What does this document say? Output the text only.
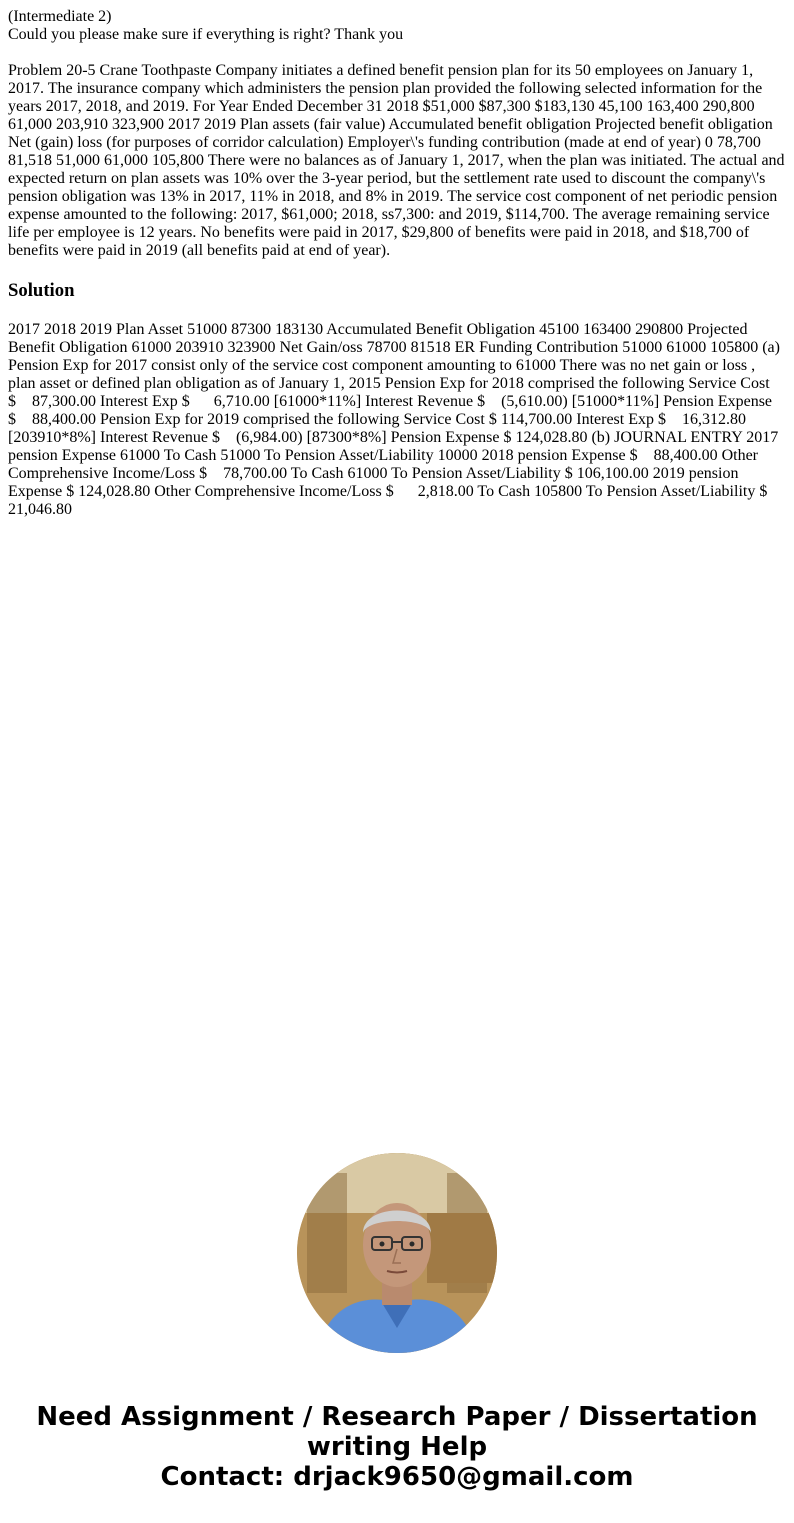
(Intermediate 2)
Could you please make sure if everything is right? Thank you

Problem 20-5 Crane Toothpaste Company initiates a defined benefit pension plan for its 50 employees on January 1, 2017. The insurance company which administers the pension plan provided the following selected information for the years 2017, 2018, and 2019. For Year Ended December 31 2018 $51,000 $87,300 $183,130 45,100 163,400 290,800 61,000 203,910 323,900 2017 2019 Plan assets (fair value) Accumulated benefit obligation Projected benefit obligation Net (gain) loss (for purposes of corridor calculation) Employer\'s funding contribution (made at end of year) 0 78,700 81,518 51,000 61,000 105,800 There were no balances as of January 1, 2017, when the plan was initiated. The actual and expected return on plan assets was 10% over the 3-year period, but the settlement rate used to discount the company\'s pension obligation was 13% in 2017, 11% in 2018, and 8% in 2019. The service cost component of net periodic pension expense amounted to the following: 2017, $61,000; 2018, ss7,300: and 2019, $114,700. The average remaining service life per employee is 12 years. No benefits were paid in 2017, $29,800 of benefits were paid in 2018, and $18,700 of benefits were paid in 2019 (all benefits paid at end of year).

Solution

2017 2018 2019 Plan Asset 51000 87300 183130 Accumulated Benefit Obligation 45100 163400 290800 Projected Benefit Obligation 61000 203910 323900 Net Gain/oss 78700 81518 ER Funding Contribution 51000 61000 105800 (a) Pension Exp for 2017 consist only of the service cost component amounting to 61000 There was no net gain or loss , plan asset or defined plan obligation as of January 1, 2015 Pension Exp for 2018 comprised the following Service Cost $    87,300.00 Interest Exp $      6,710.00 [61000*11%] Interest Revenue $    (5,610.00) [51000*11%] Pension Expense $    88,400.00 Pension Exp for 2019 comprised the following Service Cost $ 114,700.00 Interest Exp $    16,312.80 [203910*8%] Interest Revenue $    (6,984.00) [87300*8%] Pension Expense $ 124,028.80 (b) JOURNAL ENTRY 2017 pension Expense 61000 To Cash 51000 To Pension Asset/Liability 10000 2018 pension Expense $    88,400.00 Other Comprehensive Income/Loss $    78,700.00 To Cash 61000 To Pension Asset/Liability $ 106,100.00 2019 pension Expense $ 124,028.80 Other Comprehensive Income/Loss $      2,818.00 To Cash 105800 To Pension Asset/Liability $ 21,046.80

Need Assignment / Research Paper / Dissertation
writing Help
Contact: drjack9650@gmail.com
